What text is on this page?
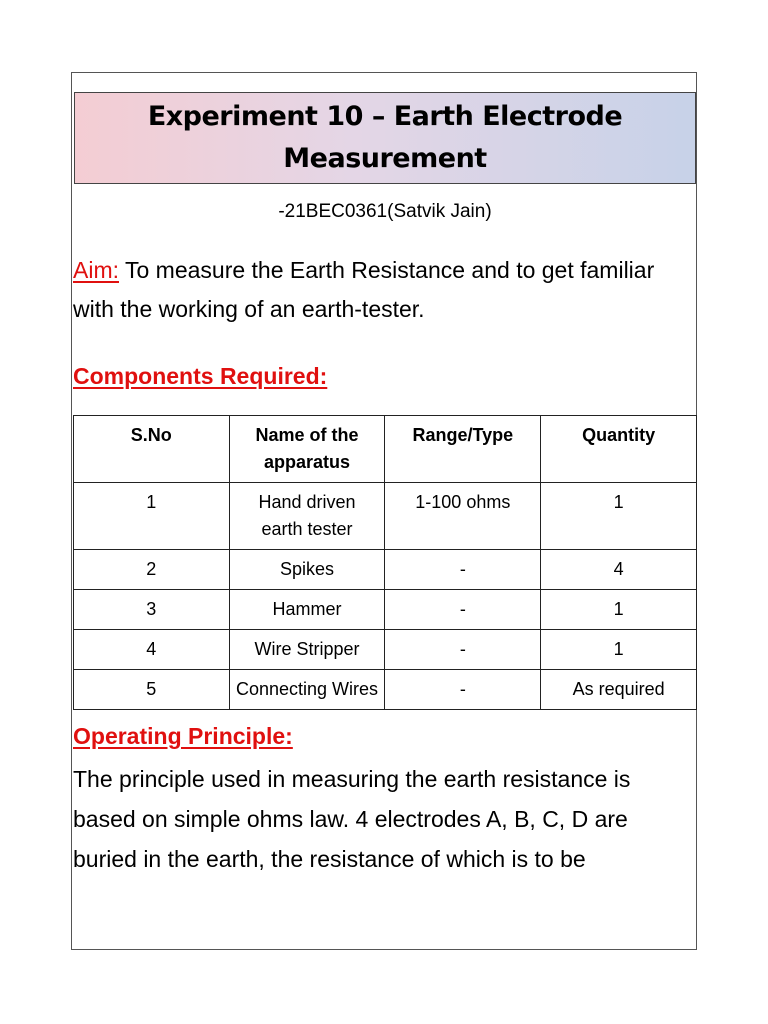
Experiment 10 – Earth Electrode Measurement
-21BEC0361(Satvik Jain)
Aim: To measure the Earth Resistance and to get familiar with the working of an earth-tester.
Components Required:
S.No	Name of the apparatus	Range/Type	Quantity
1	Hand driven earth tester	1-100 ohms	1
2	Spikes	-	4
3	Hammer	-	1
4	Wire Stripper	-	1
5	Connecting Wires	-	As required
Operating Principle:
The principle used in measuring the earth resistance is based on simple ohms law. 4 electrodes A, B, C, D are buried in the earth, the resistance of which is to be
